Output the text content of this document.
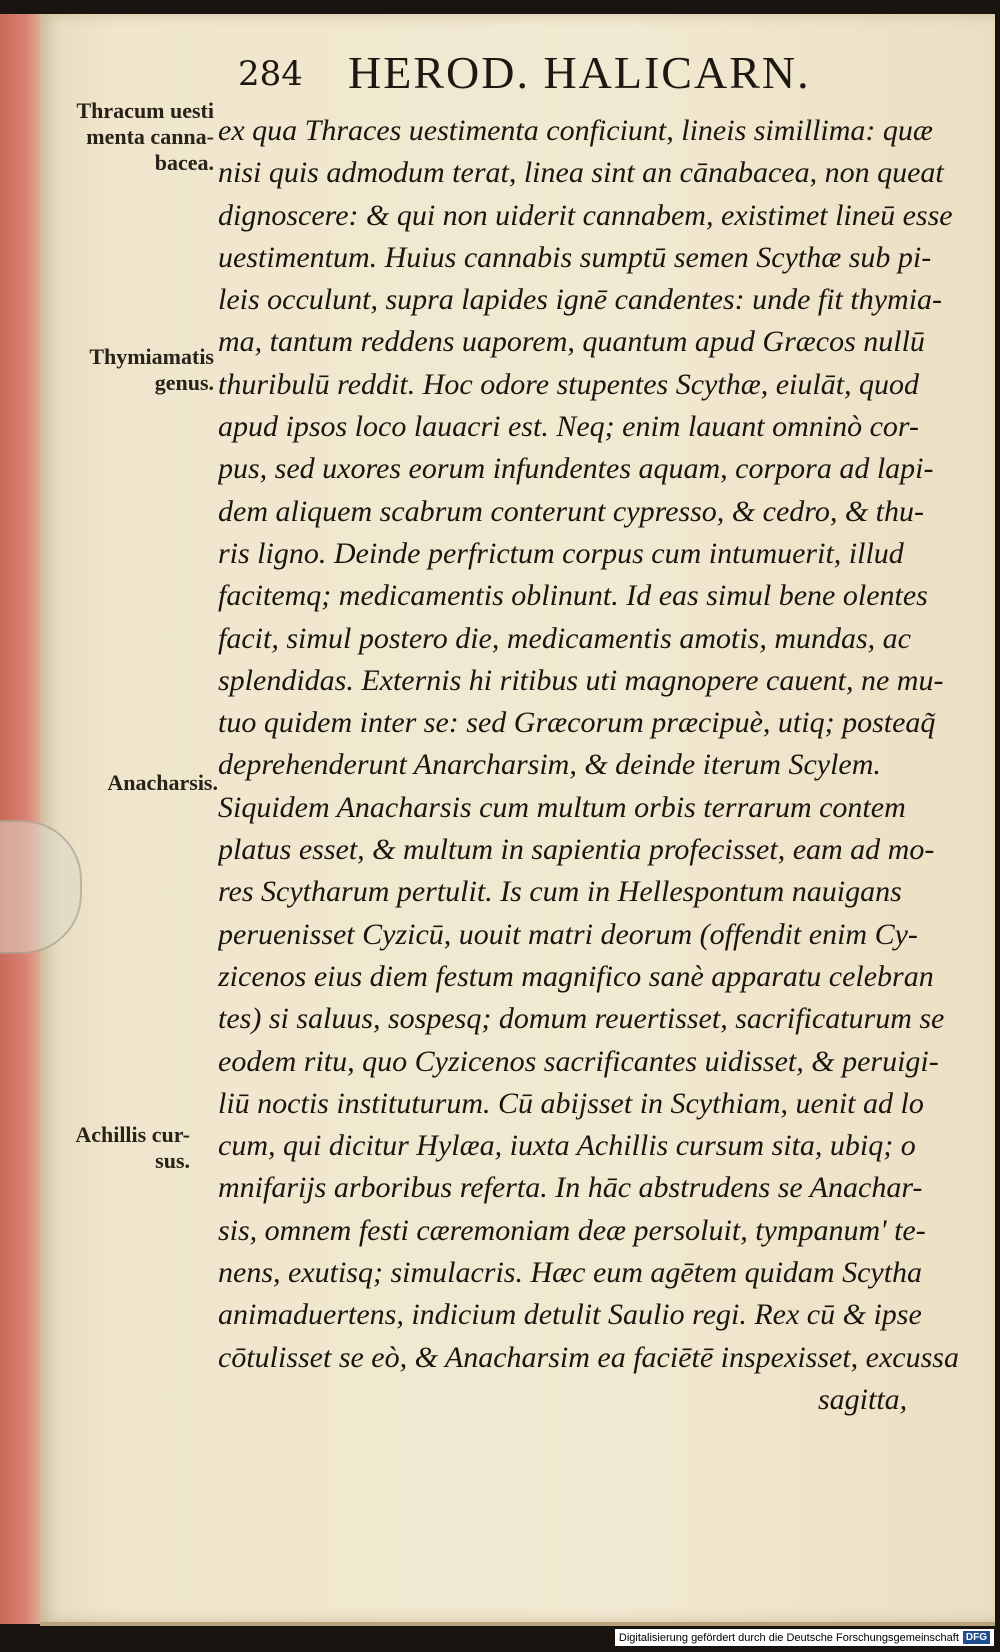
284 HEROD. HALICARN.
Thracum uesti
menta canna-
bacea.
Thymiamatis
genus.
Anacharsis.
Achillis cur-
sus.
ex qua Thraces uestimenta conficiunt, lineis simillima: quæ
nisi quis admodum terat, linea sint an cānabacea, non queat
dignoscere: & qui non uiderit cannabem, existimet lineū esse
uestimentum. Huius cannabis sumptū semen Scythæ sub pi-
leis occulunt, supra lapides ignē candentes: unde fit thymia-
ma, tantum reddens uaporem, quantum apud Græcos nullū
thuribulū reddit. Hoc odore stupentes Scythæ, eiulāt, quod
apud ipsos loco lauacri est. Neq; enim lauant omninò cor-
pus, sed uxores eorum infundentes aquam, corpora ad lapi-
dem aliquem scabrum conterunt cypresso, & cedro, & thu-
ris ligno. Deinde perfrictum corpus cum intumuerit, illud
facitemq; medicamentis oblinunt. Id eas simul bene olentes
facit, simul postero die, medicamentis amotis, mundas, ac
splendidas. Externis hi ritibus uti magnopere cauent, ne mu-
tuo quidem inter se: sed Græcorum præcipuè, utiq; posteaq̃
deprehenderunt Anarcharsim, & deinde iterum Scylem.
Siquidem Anacharsis cum multum orbis terrarum contem
platus esset, & multum in sapientia profecisset, eam ad mo-
res Scytharum pertulit. Is cum in Hellespontum nauigans
peruenisset Cyzicū, uouit matri deorum (offendit enim Cy-
zicenos eius diem festum magnifico sanè apparatu celebran
tes) si saluus, sospesq; domum reuertisset, sacrificaturum se
eodem ritu, quo Cyzicenos sacrificantes uidisset, & peruigi-
liū noctis instituturum. Cū abijsset in Scythiam, uenit ad lo
cum, qui dicitur Hylæa, iuxta Achillis cursum sita, ubiq; o
mnifarijs arboribus referta. In hāc abstrudens se Anachar-
sis, omnem festi cæremoniam deæ persoluit, tympanum' te-
nens, exutisq; simulacris. Hæc eum agētem quidam Scytha
animaduertens, indicium detulit Saulio regi. Rex cū & ipse
cōtulisset se eò, & Anacharsim ea faciētē inspexisset, excussa
sagitta,
Digitalisierung gefördert durch die Deutsche Forschungsgemeinschaft DFG
